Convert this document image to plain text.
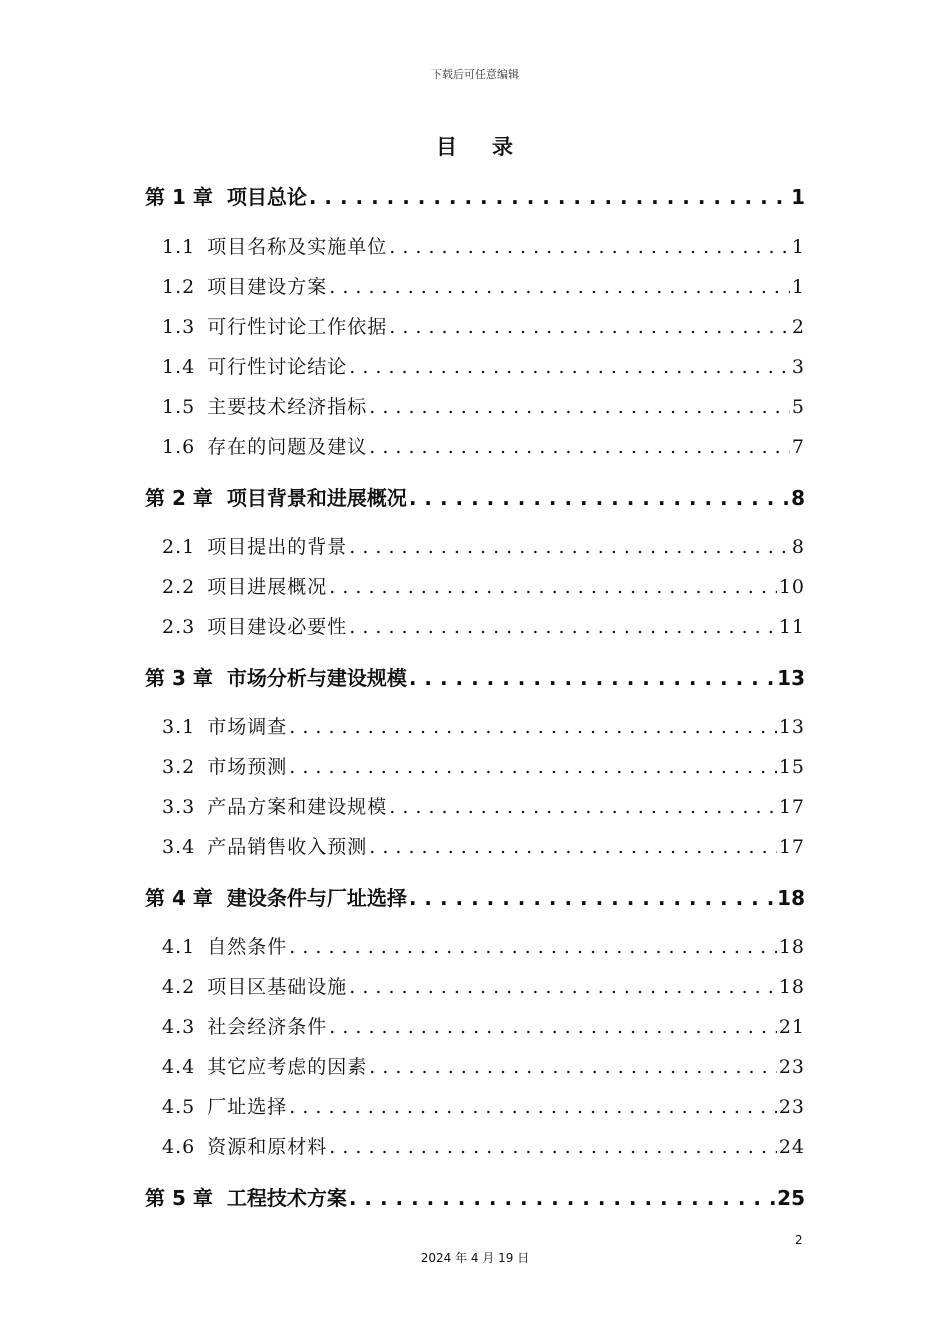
下载后可任意编辑
目 录
第 1 章 项目总论 . . .	1
1.1 项目名称及实施单位 . . .	1
1.2 项目建设方案 . . .	1
1.3 可行性讨论工作依据 . . .	2
1.4 可行性讨论结论 . . .	3
1.5 主要技术经济指标 . . .	5
1.6 存在的问题及建议 . . .	7
第 2 章 项目背景和进展概况 . . .	8
2.1 项目提出的背景 . . .	8
2.2 项目进展概况 . . .	10
2.3 项目建设必要性 . . .	11
第 3 章 市场分析与建设规模 . . .	13
3.1 市场调查 . . .	13
3.2 市场预测 . . .	15
3.3 产品方案和建设规模 . . .	17
3.4 产品销售收入预测 . . .	17
第 4 章 建设条件与厂址选择 . . .	18
4.1 自然条件 . . .	18
4.2 项目区基础设施 . . .	18
4.3 社会经济条件 . . .	21
4.4 其它应考虑的因素 . . .	23
4.5 厂址选择 . . .	23
4.6 资源和原材料 . . .	24
第 5 章 工程技术方案 . . .	25
2
2024 年 4 月 19 日
